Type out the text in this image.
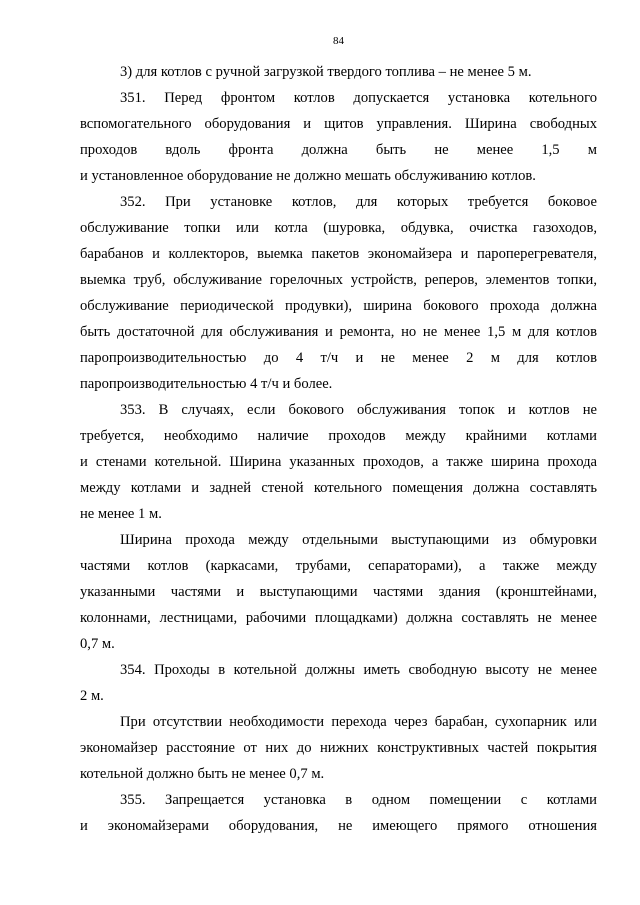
84
3) для котлов с ручной загрузкой твердого топлива – не менее 5 м.
351. Перед фронтом котлов допускается установка котельного
вспомогательного оборудования и щитов управления. Ширина свободных
проходов вдоль фронта должна быть не менее 1,5 м
и установленное оборудование не должно мешать обслуживанию котлов.
352. При установке котлов, для которых требуется боковое
обслуживание топки или котла (шуровка, обдувка, очистка газоходов,
барабанов и коллекторов, выемка пакетов экономайзера и пароперегревателя,
выемка труб, обслуживание горелочных устройств, реперов, элементов топки,
обслуживание периодической продувки), ширина бокового прохода должна
быть достаточной для обслуживания и ремонта, но не менее 1,5 м для котлов
паропроизводительностью до 4 т/ч и не менее 2 м для котлов
паропроизводительностью 4 т/ч и более.
353. В случаях, если бокового обслуживания топок и котлов не
требуется, необходимо наличие проходов между крайними котлами
и стенами котельной. Ширина указанных проходов, а также ширина прохода
между котлами и задней стеной котельного помещения должна составлять
не менее 1 м.
Ширина прохода между отдельными выступающими из обмуровки
частями котлов (каркасами, трубами, сепараторами), а также между
указанными частями и выступающими частями здания (кронштейнами,
колоннами, лестницами, рабочими площадками) должна составлять не менее
0,7 м.
354. Проходы в котельной должны иметь свободную высоту не менее
2 м.
При отсутствии необходимости перехода через барабан, сухопарник или
экономайзер расстояние от них до нижних конструктивных частей покрытия
котельной должно быть не менее 0,7 м.
355. Запрещается установка в одном помещении с котлами
и экономайзерами оборудования, не имеющего прямого отношения
